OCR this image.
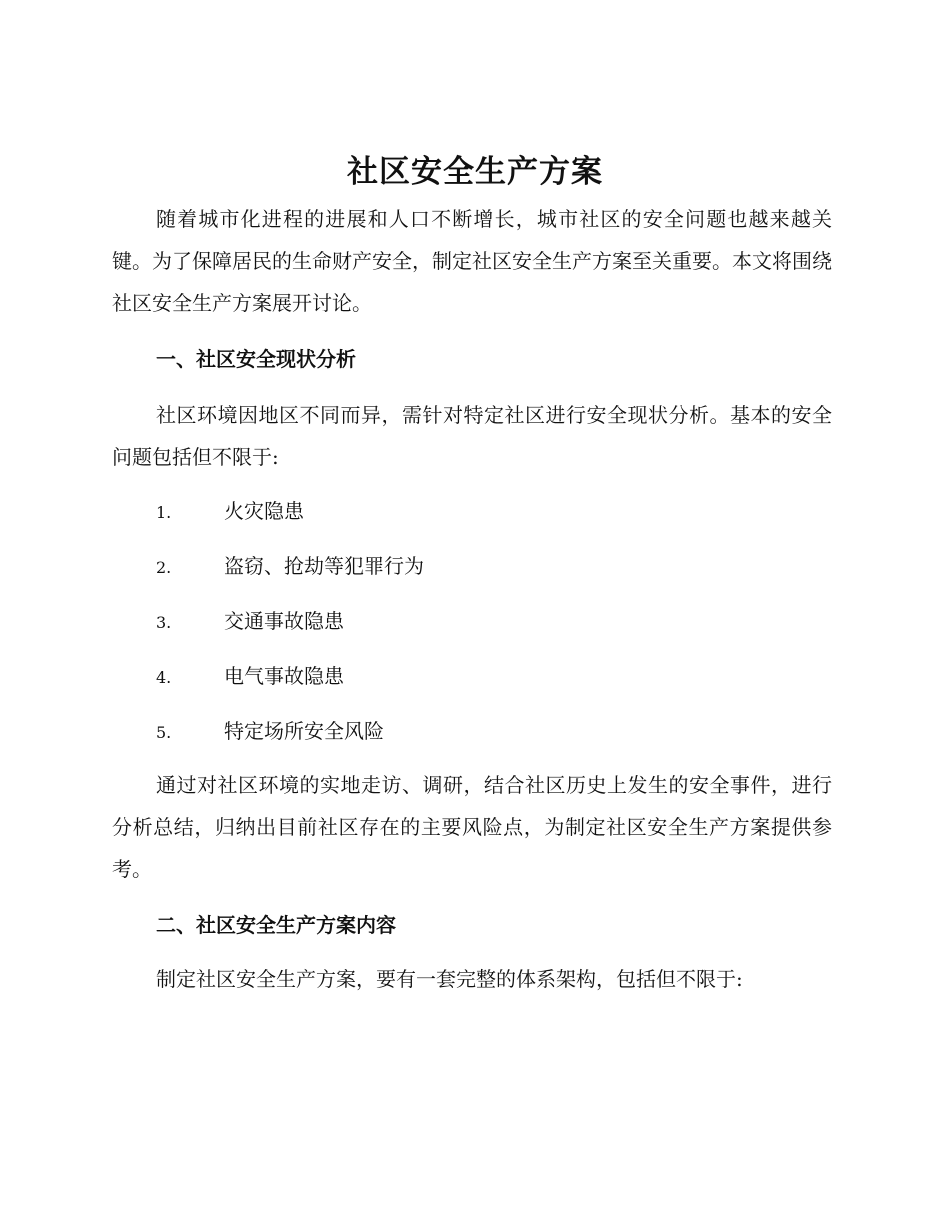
社区安全生产方案

随着城市化进程的进展和人口不断增长，城市社区的安全问题也越来越关键。为了保障居民的生命财产安全，制定社区安全生产方案至关重要。本文将围绕社区安全生产方案展开讨论。

一、社区安全现状分析

社区环境因地区不同而异，需针对特定社区进行安全现状分析。基本的安全问题包括但不限于:

1.	火灾隐患
2.	盗窃、抢劫等犯罪行为
3.	交通事故隐患
4.	电气事故隐患
5.	特定场所安全风险

通过对社区环境的实地走访、调研，结合社区历史上发生的安全事件，进行分析总结，归纳出目前社区存在的主要风险点，为制定社区安全生产方案提供参考。

二、社区安全生产方案内容

制定社区安全生产方案，要有一套完整的体系架构，包括但不限于:
